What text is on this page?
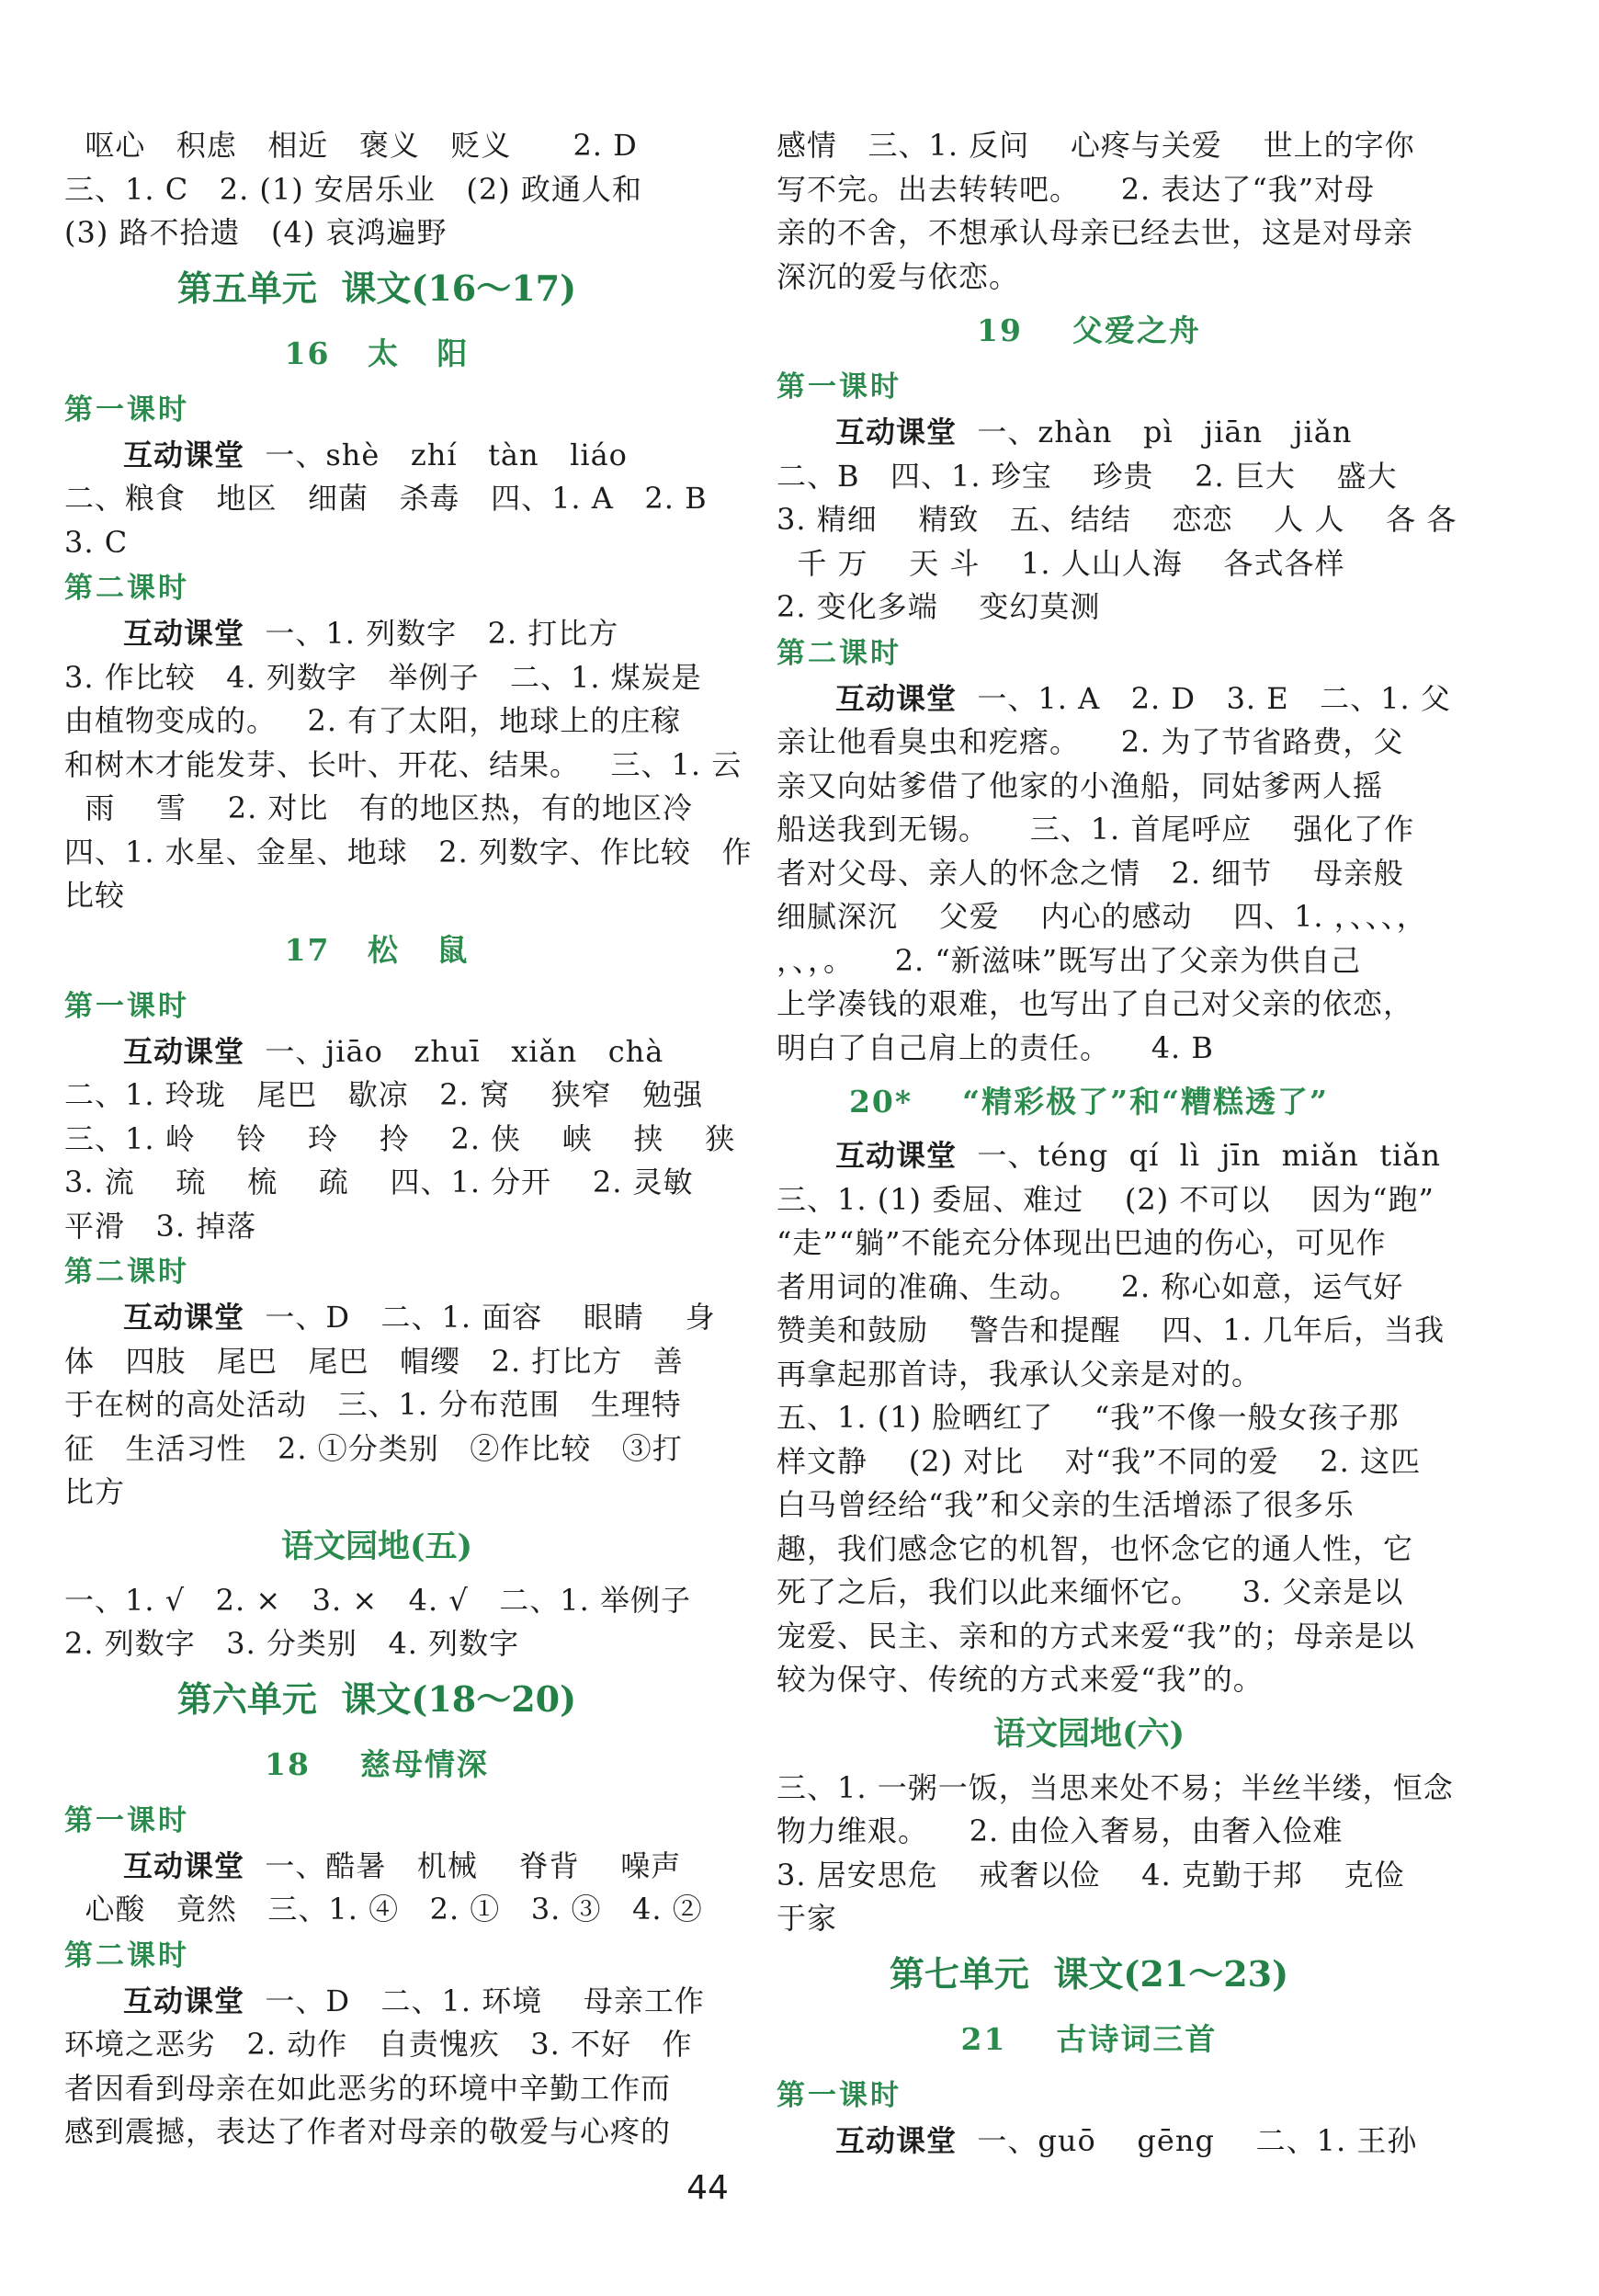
呕心   积虑   相近   褒义   贬义      2. D
三、1. C   2. (1) 安居乐业   (2) 政通人和
(3) 路不拾遗   (4) 哀鸿遍野
第五单元  课文(16～17)
16   太   阳
第一课时
互动课堂  一、shè   zhí   tàn   liáo
二、粮食   地区   细菌   杀毒   四、1. A   2. B
3. C
第二课时
互动课堂  一、1. 列数字   2. 打比方
3. 作比较   4. 列数字   举例子   二、1. 煤炭是
由植物变成的。   2. 有了太阳，地球上的庄稼
和树木才能发芽、长叶、开花、结果。   三、1. 云
雨    雪    2. 对比   有的地区热，有的地区冷
四、1. 水星、金星、地球   2. 列数字、作比较   作
比较
17   松   鼠
第一课时
互动课堂  一、jiāo   zhuī   xiǎn   chà
二、1. 玲珑   尾巴   歇凉   2. 窝    狭窄   勉强
三、1. 岭    铃    玲    拎    2. 侠    峡    挟    狭
3. 流    琉    梳    疏    四、1. 分开    2. 灵敏
平滑   3. 掉落
第二课时
互动课堂  一、D   二、1. 面容    眼睛    身
体   四肢   尾巴   尾巴   帽缨   2. 打比方   善
于在树的高处活动   三、1. 分布范围   生理特
征   生活习性   2. ①分类别   ②作比较   ③打
比方
语文园地(五)
一、1. √   2. ×   3. ×   4. √   二、1. 举例子
2. 列数字   3. 分类别   4. 列数字
第六单元  课文(18～20)
18    慈母情深
第一课时
互动课堂  一、酷暑   机械    脊背    噪声
心酸   竟然   三、1. ④   2. ①   3. ③   4. ②
第二课时
互动课堂  一、D   二、1. 环境    母亲工作
环境之恶劣   2. 动作   自责愧疚   3. 不好   作
者因看到母亲在如此恶劣的环境中辛勤工作而
感到震撼，表达了作者对母亲的敬爱与心疼的
感情   三、1. 反问    心疼与关爱    世上的字你
写不完。出去转转吧。    2. 表达了“我”对母
亲的不舍，不想承认母亲已经去世，这是对母亲
深沉的爱与依恋。
19    父爱之舟
第一课时
互动课堂  一、zhàn   pì   jiān   jiǎn
二、B   四、1. 珍宝    珍贵    2. 巨大    盛大
3. 精细    精致   五、结结    恋恋    人 人    各 各
千 万    天 斗    1. 人山人海    各式各样
2. 变化多端    变幻莫测
第二课时
互动课堂  一、1. A   2. D   3. E   二、1. 父
亲让他看臭虫和疙瘩。    2. 为了节省路费，父
亲又向姑爹借了他家的小渔船，同姑爹两人摇
船送我到无锡。    三、1. 首尾呼应    强化了作
者对父母、亲人的怀念之情   2. 细节    母亲般
细腻深沉    父爱    内心的感动    四、1. ，、、、，
，、，。    2. “新滋味”既写出了父亲为供自己
上学凑钱的艰难，也写出了自己对父亲的依恋，
明白了自己肩上的责任。    4. B
20*    “精彩极了”和“糟糕透了”
互动课堂  一、téng  qí  lì  jīn  miǎn  tiǎn
三、1. (1) 委屈、难过    (2) 不可以    因为“跑”
“走”“躺”不能充分体现出巴迪的伤心，可见作
者用词的准确、生动。    2. 称心如意，运气好
赞美和鼓励    警告和提醒    四、1. 几年后，当我
再拿起那首诗，我承认父亲是对的。
五、1. (1) 脸晒红了    “我”不像一般女孩子那
样文静    (2) 对比    对“我”不同的爱    2. 这匹
白马曾经给“我”和父亲的生活增添了很多乐
趣，我们感念它的机智，也怀念它的通人性，它
死了之后，我们以此来缅怀它。    3. 父亲是以
宠爱、民主、亲和的方式来爱“我”的；母亲是以
较为保守、传统的方式来爱“我”的。
语文园地(六)
三、1. 一粥一饭，当思来处不易；半丝半缕，恒念
物力维艰。    2. 由俭入奢易，由奢入俭难
3. 居安思危    戒奢以俭    4. 克勤于邦    克俭
于家
第七单元  课文(21～23)
21    古诗词三首
第一课时
互动课堂  一、guō    gēng    二、1. 王孙
44
